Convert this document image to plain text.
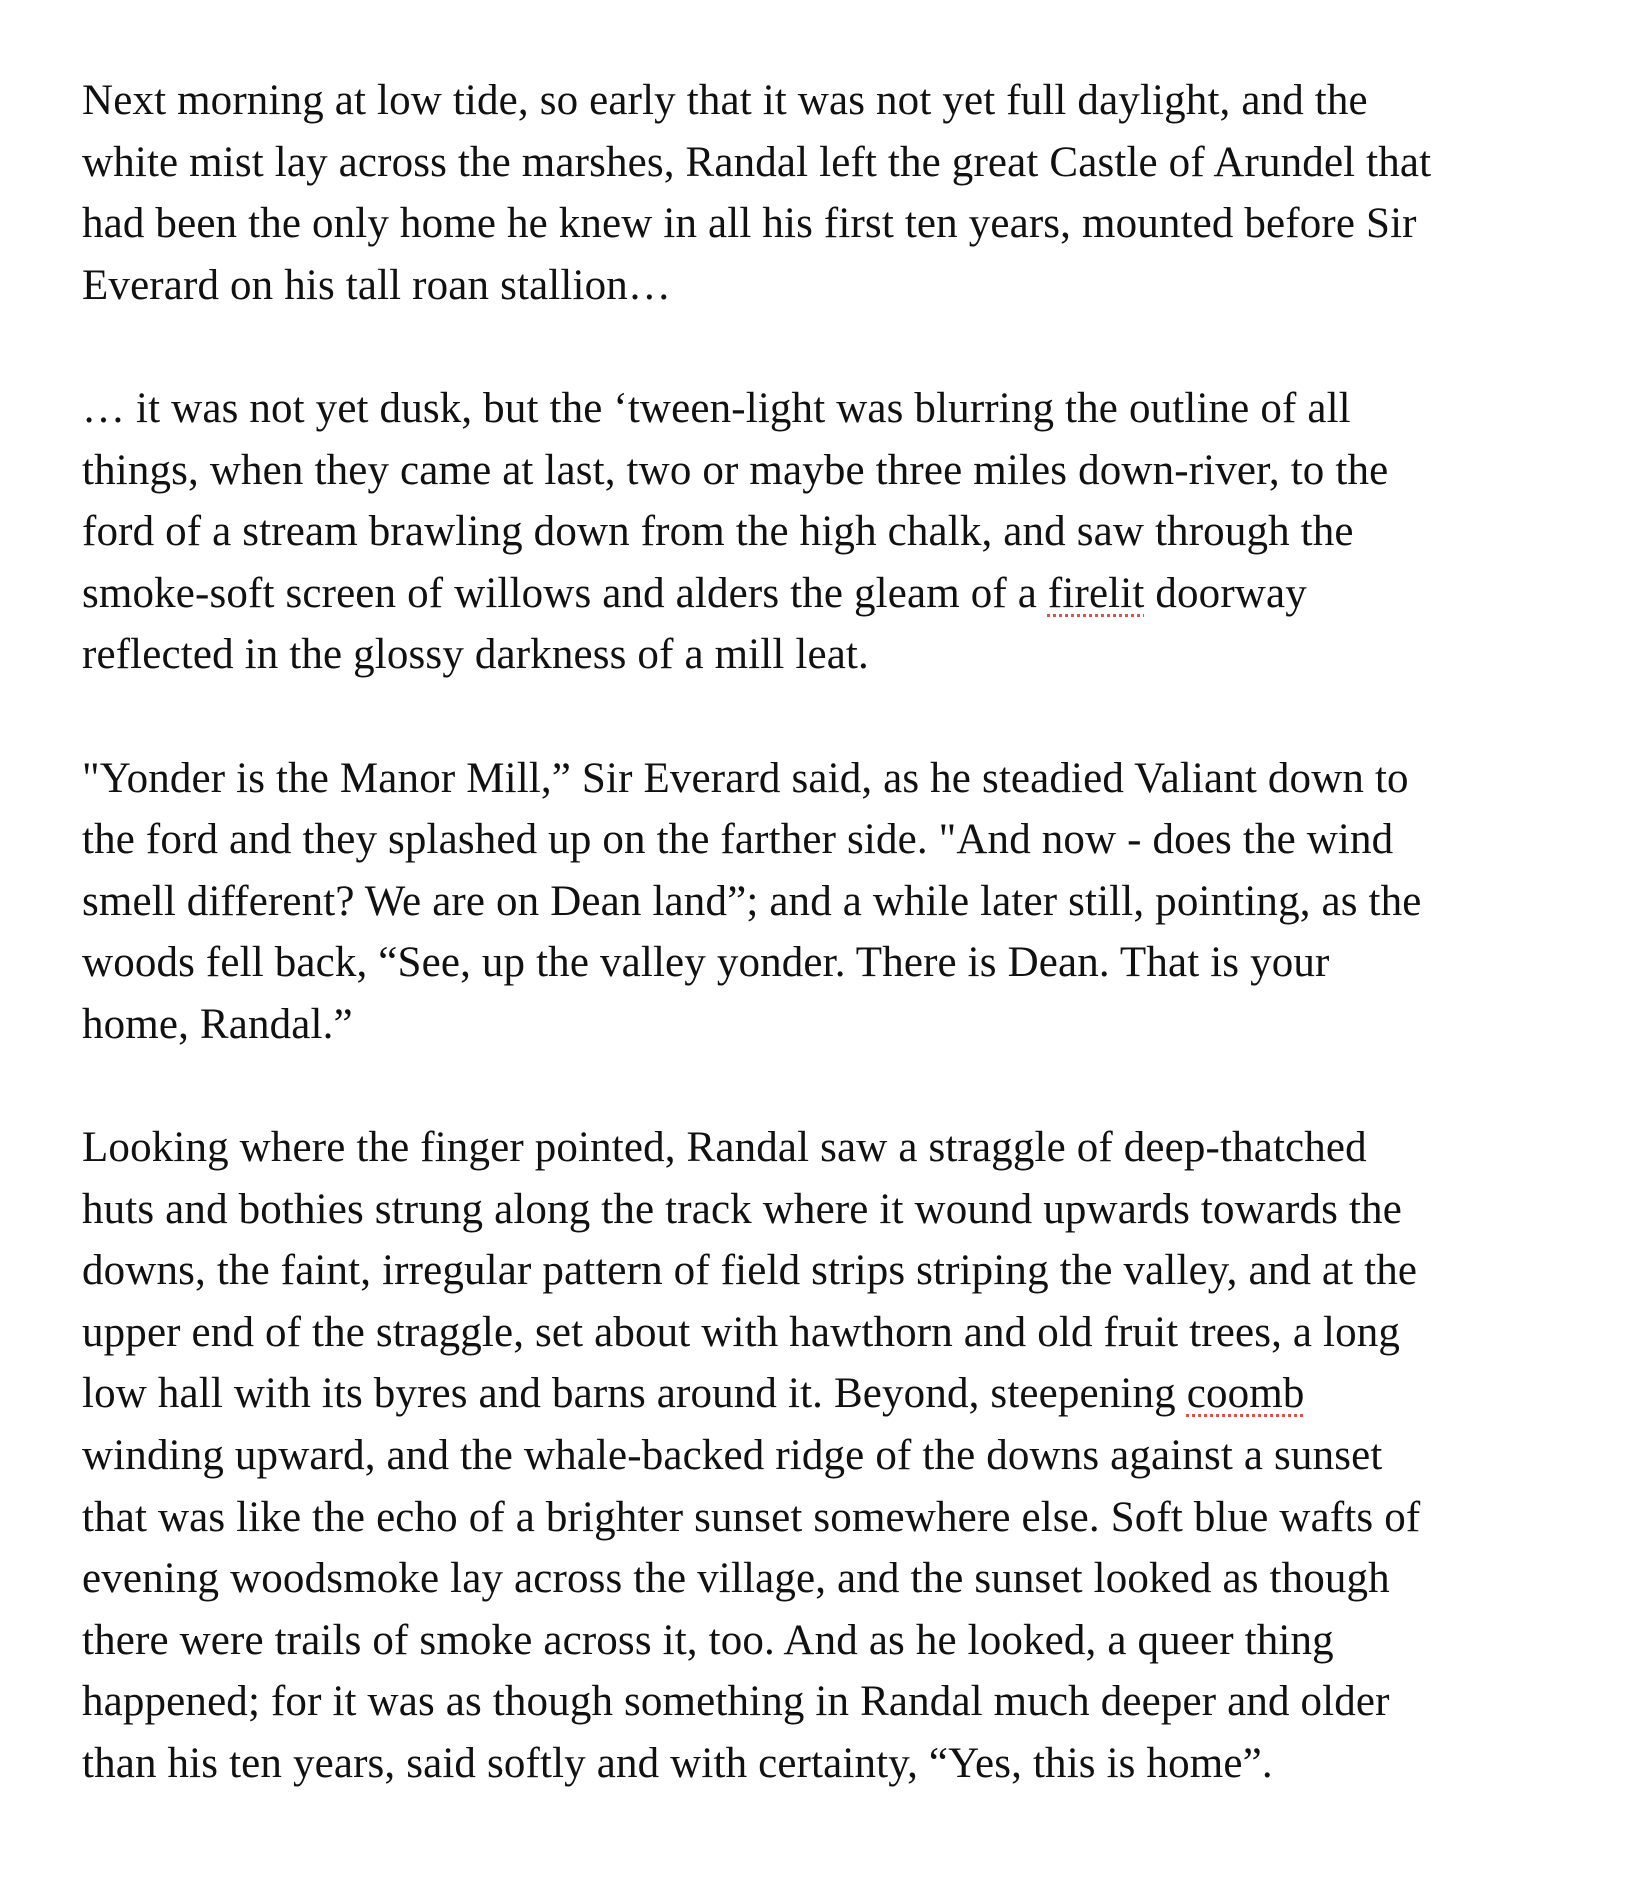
Next morning at low tide, so early that it was not yet full daylight, and the
white mist lay across the marshes, Randal left the great Castle of Arundel that
had been the only home he knew in all his first ten years, mounted before Sir
Everard on his tall roan stallion…

… it was not yet dusk, but the ‘tween-light was blurring the outline of all
things, when they came at last, two or maybe three miles down-river, to the
ford of a stream brawling down from the high chalk, and saw through the
smoke-soft screen of willows and alders the gleam of a firelit doorway
reflected in the glossy darkness of a mill leat.

"Yonder is the Manor Mill,” Sir Everard said, as he steadied Valiant down to
the ford and they splashed up on the farther side. "And now - does the wind
smell different? We are on Dean land”; and a while later still, pointing, as the
woods fell back, “See, up the valley yonder. There is Dean. That is your
home, Randal.”

Looking where the finger pointed, Randal saw a straggle of deep-thatched
huts and bothies strung along the track where it wound upwards towards the
downs, the faint, irregular pattern of field strips striping the valley, and at the
upper end of the straggle, set about with hawthorn and old fruit trees, a long
low hall with its byres and barns around it. Beyond, steepening coomb
winding upward, and the whale-backed ridge of the downs against a sunset
that was like the echo of a brighter sunset somewhere else. Soft blue wafts of
evening woodsmoke lay across the village, and the sunset looked as though
there were trails of smoke across it, too. And as he looked, a queer thing
happened; for it was as though something in Randal much deeper and older
than his ten years, said softly and with certainty, “Yes, this is home”.
